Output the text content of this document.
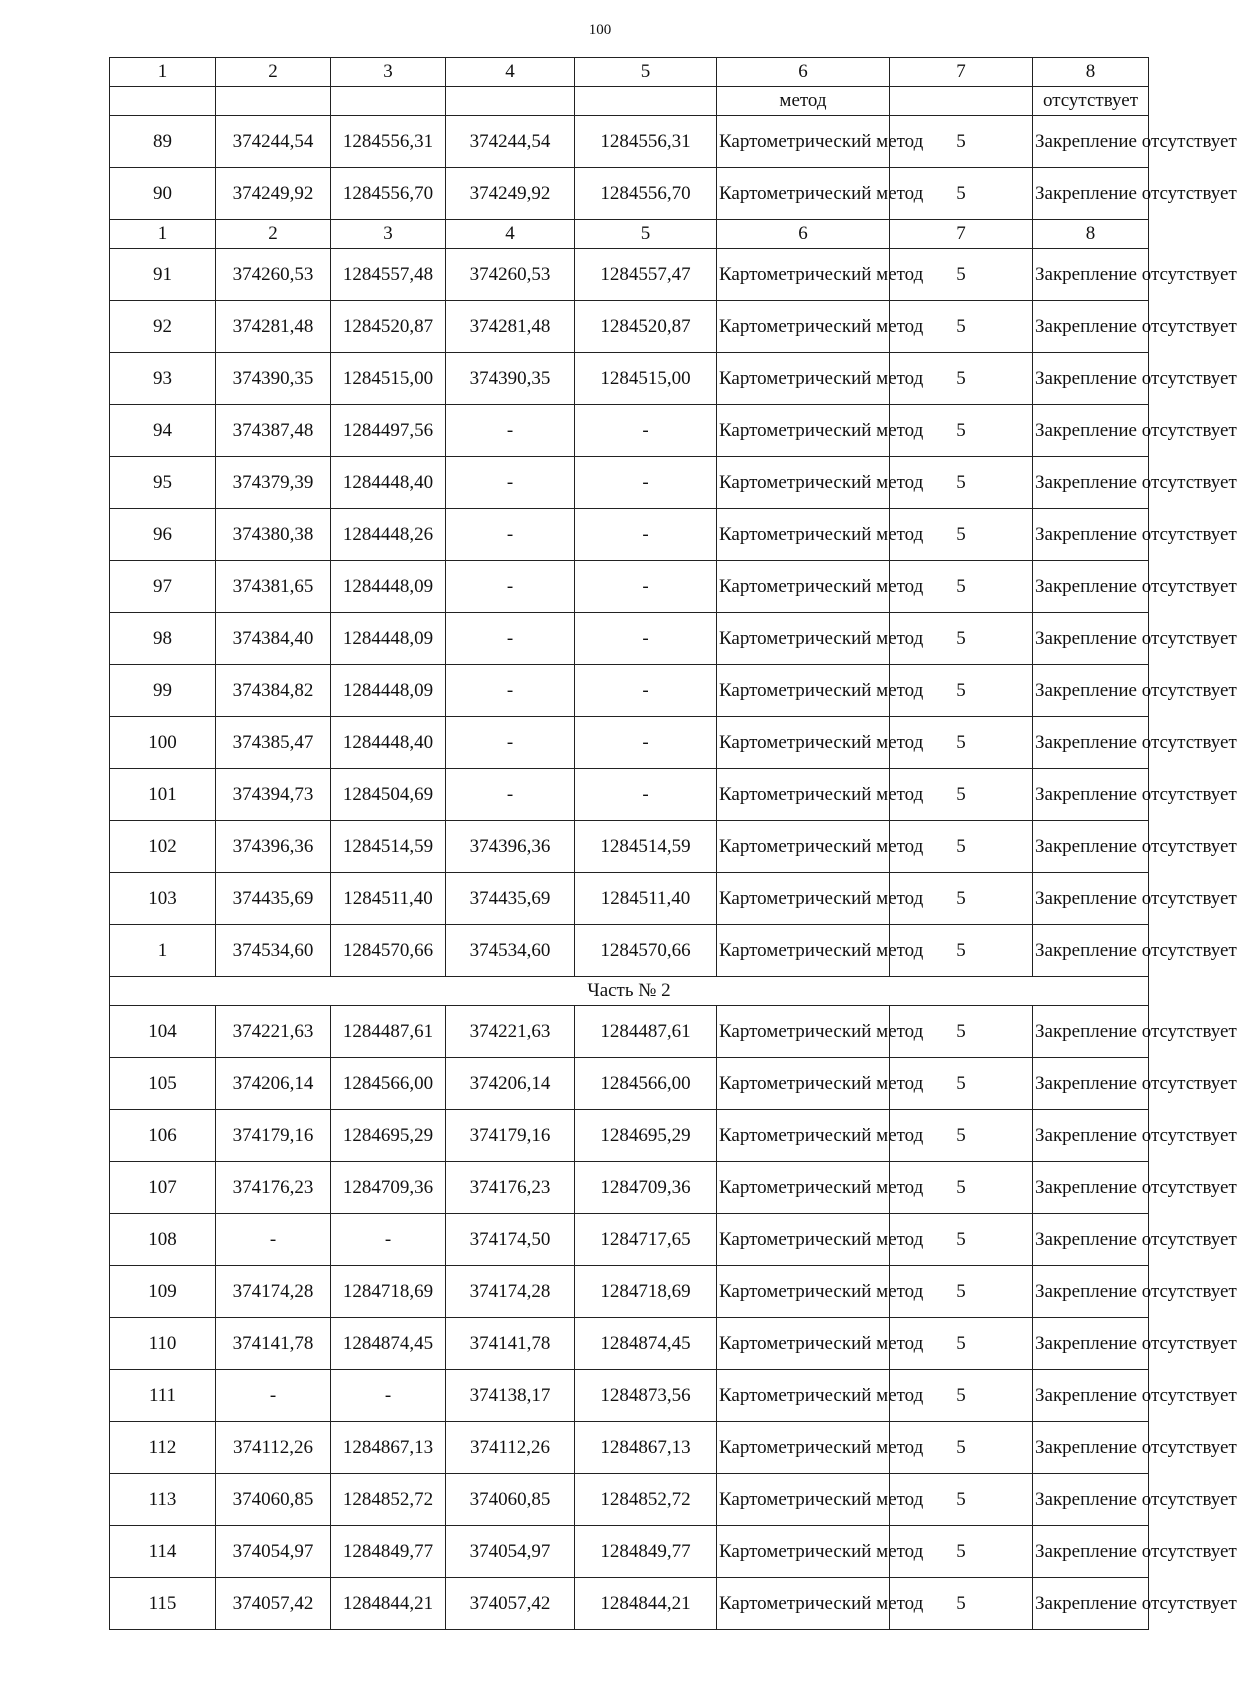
100
1	2	3	4	5	6	7	8
					метод		отсутствует
89	374244,54	1284556,31	374244,54	1284556,31	Картометрический метод	5	Закрепление отсутствует
90	374249,92	1284556,70	374249,92	1284556,70	Картометрический метод	5	Закрепление отсутствует
1	2	3	4	5	6	7	8
91	374260,53	1284557,48	374260,53	1284557,47	Картометрический метод	5	Закрепление отсутствует
92	374281,48	1284520,87	374281,48	1284520,87	Картометрический метод	5	Закрепление отсутствует
93	374390,35	1284515,00	374390,35	1284515,00	Картометрический метод	5	Закрепление отсутствует
94	374387,48	1284497,56	-	-	Картометрический метод	5	Закрепление отсутствует
95	374379,39	1284448,40	-	-	Картометрический метод	5	Закрепление отсутствует
96	374380,38	1284448,26	-	-	Картометрический метод	5	Закрепление отсутствует
97	374381,65	1284448,09	-	-	Картометрический метод	5	Закрепление отсутствует
98	374384,40	1284448,09	-	-	Картометрический метод	5	Закрепление отсутствует
99	374384,82	1284448,09	-	-	Картометрический метод	5	Закрепление отсутствует
100	374385,47	1284448,40	-	-	Картометрический метод	5	Закрепление отсутствует
101	374394,73	1284504,69	-	-	Картометрический метод	5	Закрепление отсутствует
102	374396,36	1284514,59	374396,36	1284514,59	Картометрический метод	5	Закрепление отсутствует
103	374435,69	1284511,40	374435,69	1284511,40	Картометрический метод	5	Закрепление отсутствует
1	374534,60	1284570,66	374534,60	1284570,66	Картометрический метод	5	Закрепление отсутствует
Часть № 2							
104	374221,63	1284487,61	374221,63	1284487,61	Картометрический метод	5	Закрепление отсутствует
105	374206,14	1284566,00	374206,14	1284566,00	Картометрический метод	5	Закрепление отсутствует
106	374179,16	1284695,29	374179,16	1284695,29	Картометрический метод	5	Закрепление отсутствует
107	374176,23	1284709,36	374176,23	1284709,36	Картометрический метод	5	Закрепление отсутствует
108	-	-	374174,50	1284717,65	Картометрический метод	5	Закрепление отсутствует
109	374174,28	1284718,69	374174,28	1284718,69	Картометрический метод	5	Закрепление отсутствует
110	374141,78	1284874,45	374141,78	1284874,45	Картометрический метод	5	Закрепление отсутствует
111	-	-	374138,17	1284873,56	Картометрический метод	5	Закрепление отсутствует
112	374112,26	1284867,13	374112,26	1284867,13	Картометрический метод	5	Закрепление отсутствует
113	374060,85	1284852,72	374060,85	1284852,72	Картометрический метод	5	Закрепление отсутствует
114	374054,97	1284849,77	374054,97	1284849,77	Картометрический метод	5	Закрепление отсутствует
115	374057,42	1284844,21	374057,42	1284844,21	Картометрический метод	5	Закрепление отсутствует
